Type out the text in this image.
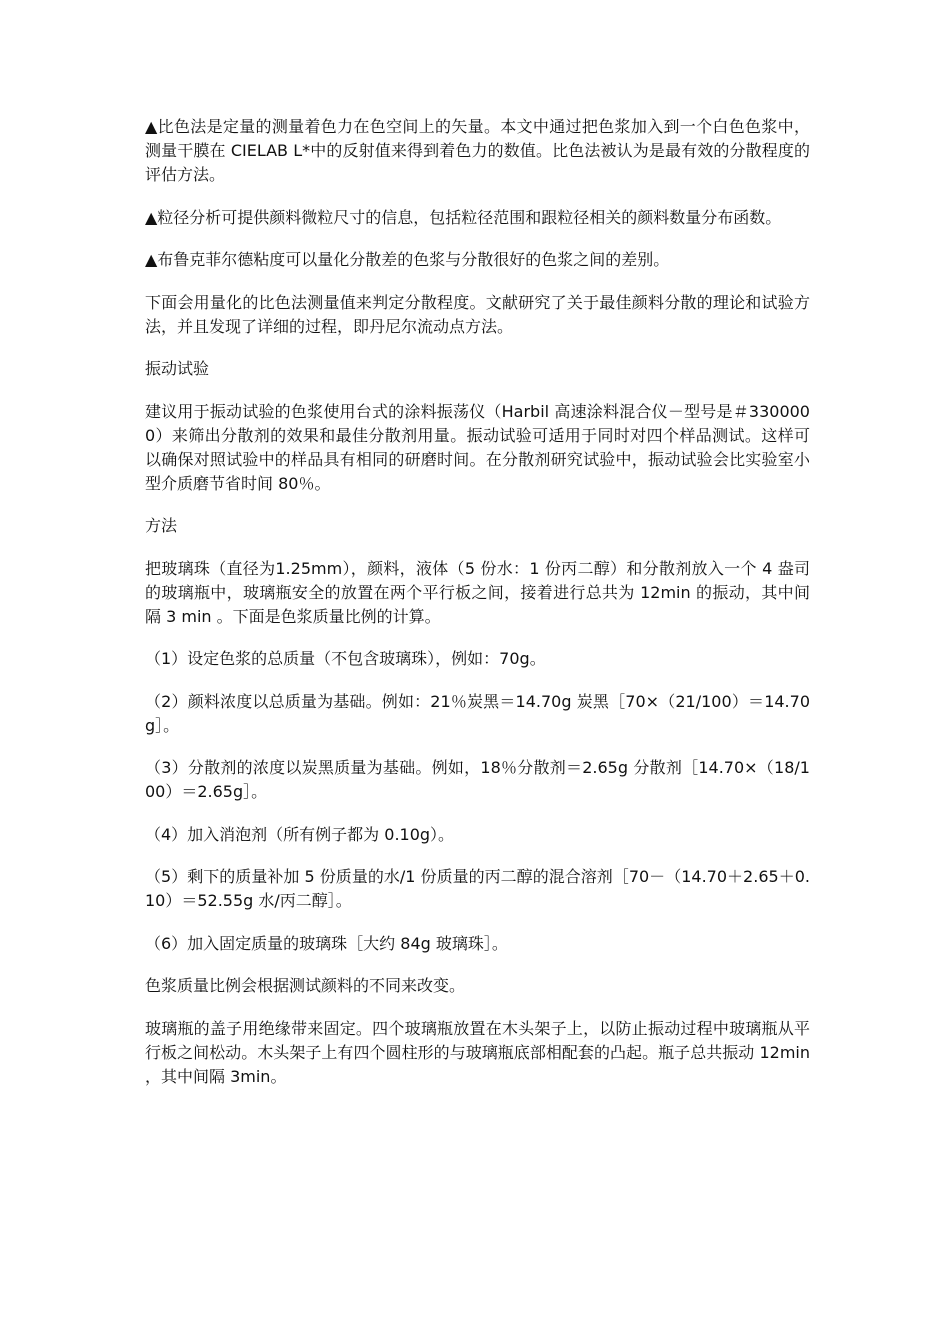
▲比色法是定量的测量着色力在色空间上的矢量。本文中通过把色浆加入到一个白色色浆中，测量干膜在 CIELAB L*中的反射值来得到着色力的数值。比色法被认为是最有效的分散程度的评估方法。

▲粒径分析可提供颜料微粒尺寸的信息，包括粒径范围和跟粒径相关的颜料数量分布函数。

▲布鲁克菲尔德粘度可以量化分散差的色浆与分散很好的色浆之间的差别。

下面会用量化的比色法测量值来判定分散程度。文献研究了关于最佳颜料分散的理论和试验方法，并且发现了详细的过程，即丹尼尔流动点方法。

振动试验

建议用于振动试验的色浆使用台式的涂料振荡仪（Harbil 高速涂料混合仪－型号是＃3300000）来筛出分散剂的效果和最佳分散剂用量。振动试验可适用于同时对四个样品测试。这样可以确保对照试验中的样品具有相同的研磨时间。在分散剂研究试验中，振动试验会比实验室小型介质磨节省时间 80％。

方法

把玻璃珠（直径为1.25mm），颜料，液体（5 份水：1 份丙二醇）和分散剂放入一个 4 盎司的玻璃瓶中，玻璃瓶安全的放置在两个平行板之间，接着进行总共为 12min 的振动，其中间隔 3 min 。下面是色浆质量比例的计算。

（1）设定色浆的总质量（不包含玻璃珠），例如：70g。

（2）颜料浓度以总质量为基础。例如：21％炭黑＝14.70g 炭黑［70×（21/100）＝14.70g］。

（3）分散剂的浓度以炭黑质量为基础。例如，18％分散剂＝2.65g 分散剂［14.70×（18/100）＝2.65g］。

（4）加入消泡剂（所有例子都为 0.10g）。

（5）剩下的质量补加 5 份质量的水/1 份质量的丙二醇的混合溶剂［70－（14.70＋2.65＋0.10）＝52.55g 水/丙二醇］。

（6）加入固定质量的玻璃珠［大约 84g 玻璃珠］。

色浆质量比例会根据测试颜料的不同来改变。

玻璃瓶的盖子用绝缘带来固定。四个玻璃瓶放置在木头架子上，以防止振动过程中玻璃瓶从平行板之间松动。木头架子上有四个圆柱形的与玻璃瓶底部相配套的凸起。瓶子总共振动 12min ，其中间隔 3min。
